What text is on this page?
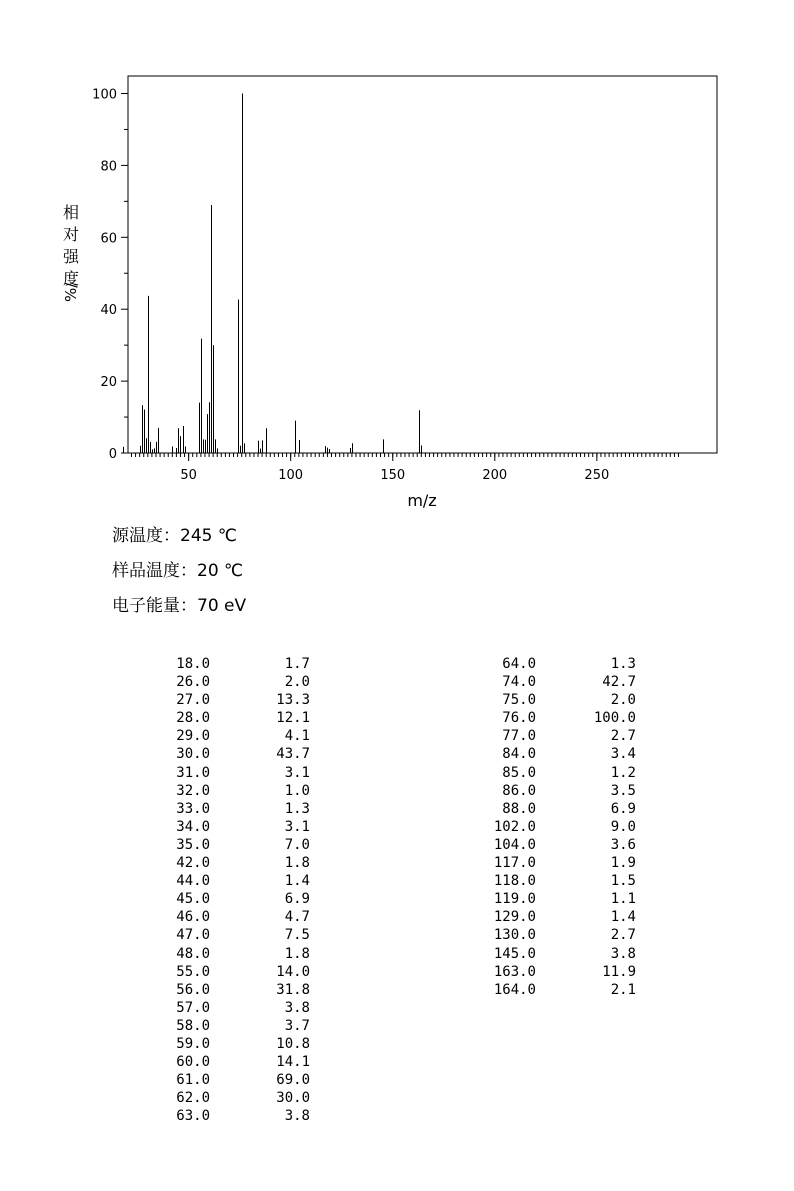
0
20
40
60
80
100
50	100	150	200	250
m/z
相对强度
%/
源温度：245 ℃
样品温度：20 ℃
电子能量：70 eV
18.0	1.7
26.0	2.0
27.0	13.3
28.0	12.1
29.0	4.1
30.0	43.7
31.0	3.1
32.0	1.0
33.0	1.3
34.0	3.1
35.0	7.0
42.0	1.8
44.0	1.4
45.0	6.9
46.0	4.7
47.0	7.5
48.0	1.8
55.0	14.0
56.0	31.8
57.0	3.8
58.0	3.7
59.0	10.8
60.0	14.1
61.0	69.0
62.0	30.0
63.0	3.8
64.0	1.3
74.0	42.7
75.0	2.0
76.0	100.0
77.0	2.7
84.0	3.4
85.0	1.2
86.0	3.5
88.0	6.9
102.0	9.0
104.0	3.6
117.0	1.9
118.0	1.5
119.0	1.1
129.0	1.4
130.0	2.7
145.0	3.8
163.0	11.9
164.0	2.1
